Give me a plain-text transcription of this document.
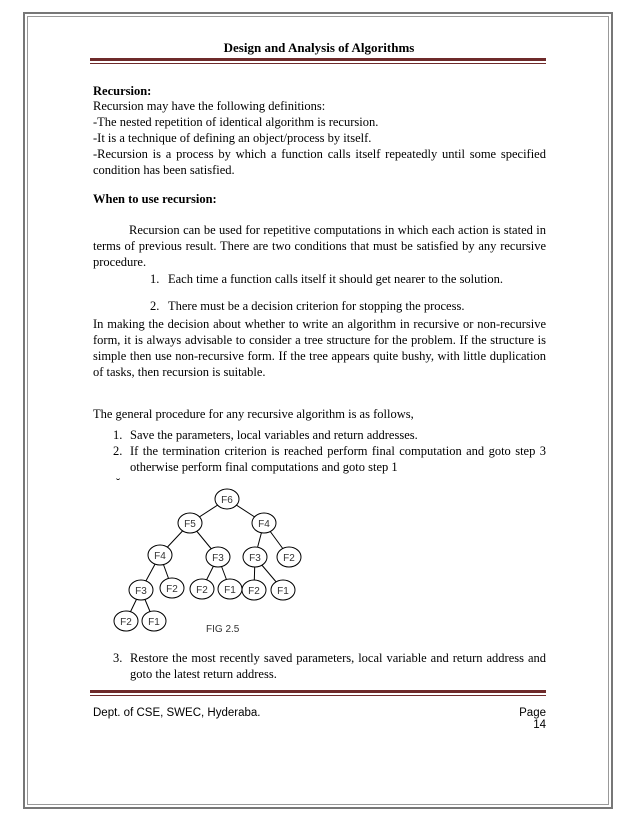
Design and Analysis of Algorithms
Recursion:
Recursion may have the following definitions:
-The nested repetition of identical algorithm is recursion.
-It is a technique of defining an object/process by itself.
-Recursion is a process by which a function calls itself repeatedly until some specified condition has been satisfied.
When to use recursion:
Recursion can be used for repetitive computations in which each action is stated in terms of previous result. There are two conditions that must be satisfied by any recursive procedure.
1. Each time a function calls itself it should get nearer to the solution.
2. There must be a decision criterion for stopping the process.
In making the decision about whether to write an algorithm in recursive or non-recursive form, it is always advisable to consider a tree structure for the problem. If the structure is simple then use non-recursive form. If the tree appears quite bushy, with little duplication of tasks, then recursion is suitable.
The general procedure for any recursive algorithm is as follows,
1. Save the parameters, local variables and return addresses.
2. If the termination criterion is reached perform final computation and goto step 3 otherwise perform final computations and goto step 1
˘
F6
F5	F4
F4	F3	F3 F2
F3 F2 F2 F1 F2 F1
F2 F1
FIG 2.5
3. Restore the most recently saved parameters, local variable and return address and goto the latest return address.
Dept. of CSE, SWEC, Hyderaba.	Page 14
